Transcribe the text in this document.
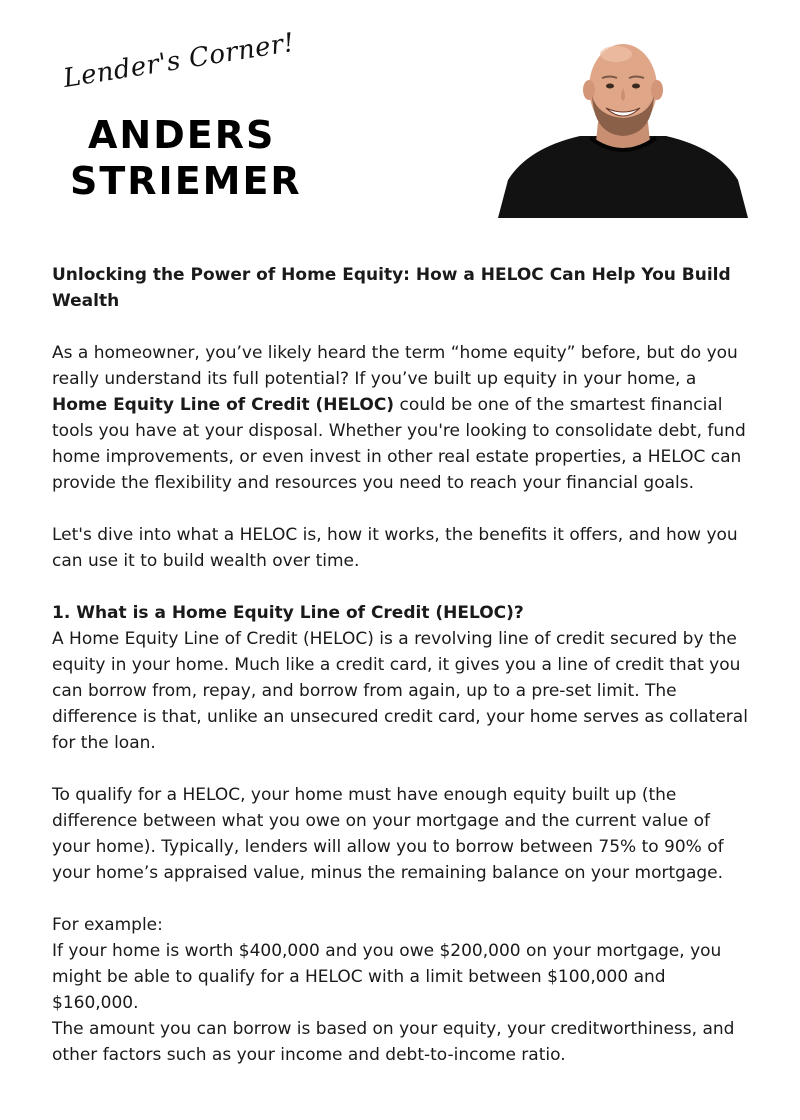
Lender's Corner!
ANDERS
STRIEMER

Unlocking the Power of Home Equity: How a HELOC Can Help You Build Wealth

As a homeowner, you’ve likely heard the term “home equity” before, but do you really understand its full potential? If you’ve built up equity in your home, a Home Equity Line of Credit (HELOC) could be one of the smartest financial tools you have at your disposal. Whether you're looking to consolidate debt, fund home improvements, or even invest in other real estate properties, a HELOC can provide the flexibility and resources you need to reach your financial goals.

Let's dive into what a HELOC is, how it works, the benefits it offers, and how you can use it to build wealth over time.

1. What is a Home Equity Line of Credit (HELOC)?

A Home Equity Line of Credit (HELOC) is a revolving line of credit secured by the equity in your home. Much like a credit card, it gives you a line of credit that you can borrow from, repay, and borrow from again, up to a pre-set limit. The difference is that, unlike an unsecured credit card, your home serves as collateral for the loan.

To qualify for a HELOC, your home must have enough equity built up (the difference between what you owe on your mortgage and the current value of your home). Typically, lenders will allow you to borrow between 75% to 90% of your home’s appraised value, minus the remaining balance on your mortgage.

For example:

If your home is worth $400,000 and you owe $200,000 on your mortgage, you might be able to qualify for a HELOC with a limit between $100,000 and $160,000.

The amount you can borrow is based on your equity, your creditworthiness, and other factors such as your income and debt-to-income ratio.
